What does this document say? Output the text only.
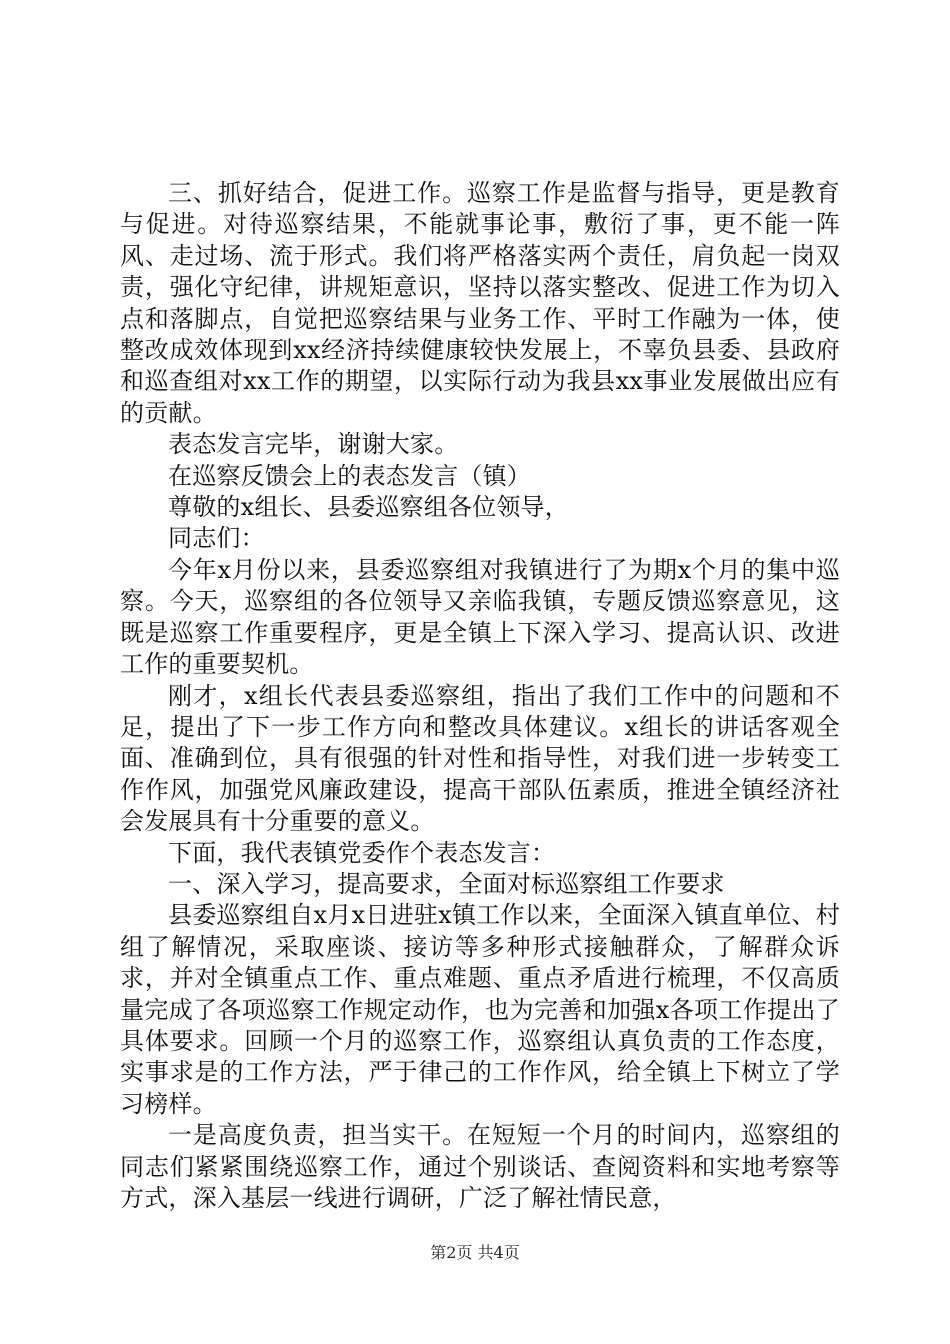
三、抓好结合，促进工作。巡察工作是监督与指导，更是教育与促进。对待巡察结果，不能就事论事，敷衍了事，更不能一阵风、走过场、流于形式。我们将严格落实两个责任，肩负起一岗双责，强化守纪律，讲规矩意识，坚持以落实整改、促进工作为切入点和落脚点，自觉把巡察结果与业务工作、平时工作融为一体，使整改成效体现到xx经济持续健康较快发展上，不辜负县委、县政府和巡查组对xx工作的期望，以实际行动为我县xx事业发展做出应有的贡献。

表态发言完毕，谢谢大家。

在巡察反馈会上的表态发言（镇）

尊敬的x组长、县委巡察组各位领导，

同志们：

今年x月份以来，县委巡察组对我镇进行了为期x个月的集中巡察。今天，巡察组的各位领导又亲临我镇，专题反馈巡察意见，这既是巡察工作重要程序，更是全镇上下深入学习、提高认识、改进工作的重要契机。

刚才，x组长代表县委巡察组，指出了我们工作中的问题和不足，提出了下一步工作方向和整改具体建议。x组长的讲话客观全面、准确到位，具有很强的针对性和指导性，对我们进一步转变工作作风，加强党风廉政建设，提高干部队伍素质，推进全镇经济社会发展具有十分重要的意义。

下面，我代表镇党委作个表态发言：

一、深入学习，提高要求，全面对标巡察组工作要求

县委巡察组自x月x日进驻x镇工作以来，全面深入镇直单位、村组了解情况，采取座谈、接访等多种形式接触群众，了解群众诉求，并对全镇重点工作、重点难题、重点矛盾进行梳理，不仅高质量完成了各项巡察工作规定动作，也为完善和加强x各项工作提出了具体要求。回顾一个月的巡察工作，巡察组认真负责的工作态度，实事求是的工作方法，严于律己的工作作风，给全镇上下树立了学习榜样。

一是高度负责，担当实干。在短短一个月的时间内，巡察组的同志们紧紧围绕巡察工作，通过个别谈话、查阅资料和实地考察等方式，深入基层一线进行调研，广泛了解社情民意，

第2页 共4页
